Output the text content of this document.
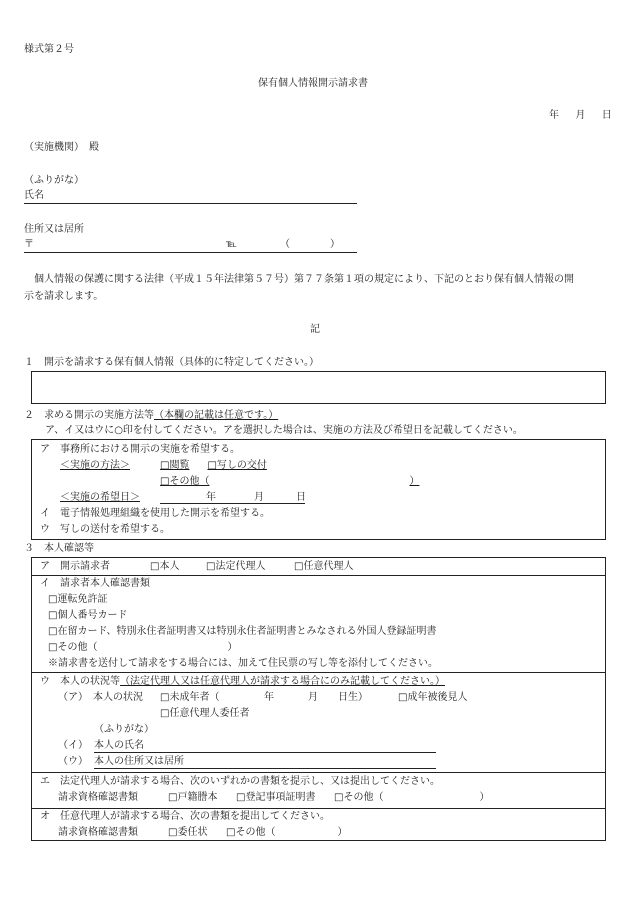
様式第２号
保有個人情報開示請求書
年 月 日
（実施機関）　殿
（ふりがな）
氏名
住所又は居所
〒	℡	（　　　　）
　個人情報の保護に関する法律（平成１５年法律第５７号）第７７条第１項の規定により、下記のとおり保有個人情報の開
示を請求します。
記
１　開示を請求する保有個人情報（具体的に特定してください。）
２　求める開示の実施方法等（本欄の記載は任意です。）
ア、イ又はウに○印を付してください。アを選択した場合は、実施の方法及び希望日を記載してください。
ア　事務所における開示の実施を希望する。
＜実施の方法＞	□閲覧 □写しの交付
□その他（	）
＜実施の希望日＞	年	月	日
イ　電子情報処理組織を使用した開示を希望する。
ウ　写しの送付を希望する。
３　本人確認等
ア　開示請求者	□本人	□法定代理人	□任意代理人
イ　請求者本人確認書類
□運転免許証
□個人番号カード
□在留カード、特別永住者証明書又は特別永住者証明書とみなされる外国人登録証明書
□その他（　　　　　　　　　　　　　）
※請求書を送付して請求をする場合には、加えて住民票の写し等を添付してください。
ウ　本人の状況等（法定代理人又は任意代理人が請求する場合にのみ記載してください。）
（ア）　本人の状況 □未成年者（	年	月 日生）	□成年被後見人
□任意代理人委任者
（ふりがな）
（イ） 本人の氏名
（ウ） 本人の住所又は居所
エ　法定代理人が請求する場合、次のいずれかの書類を提示し、又は提出してください。
請求資格確認書類	□戸籍謄本 □登記事項証明書 □その他（	）
オ　任意代理人が請求する場合、次の書類を提出してください。
請求資格確認書類	□委任状 □その他（	）
